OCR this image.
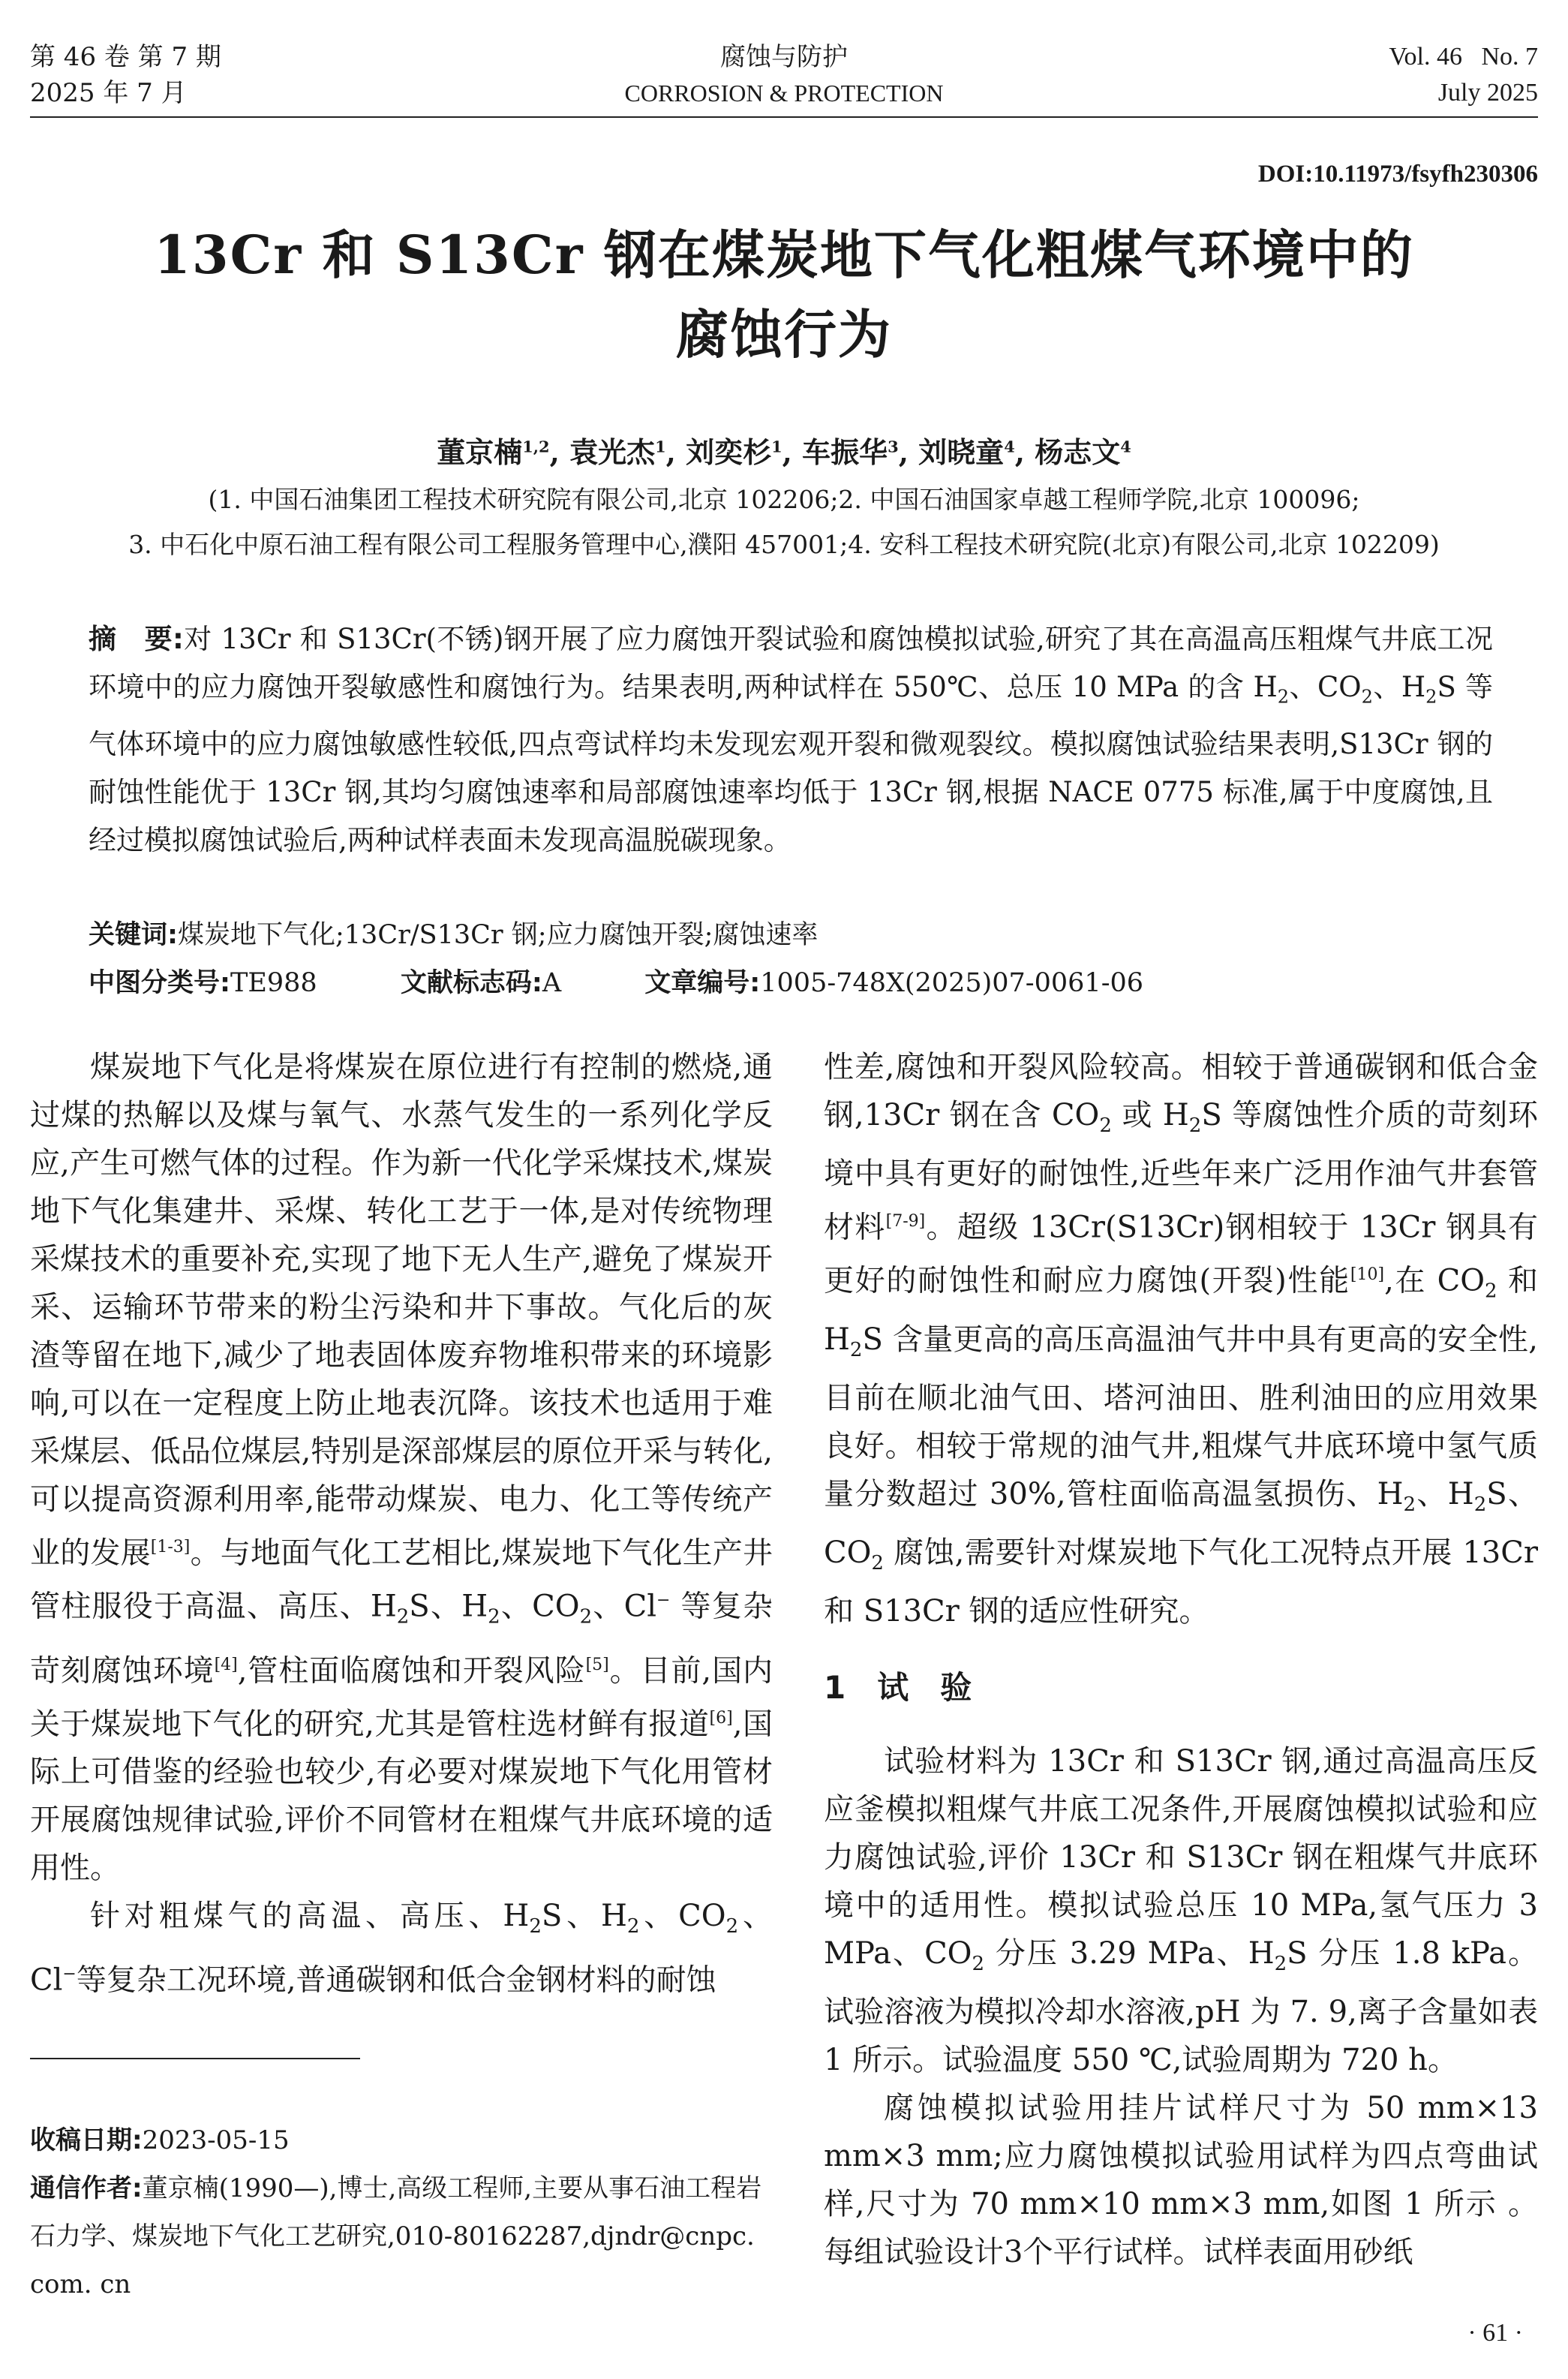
第 46 卷 第 7 期
2025 年 7 月
腐蚀与防护
CORROSION & PROTECTION
Vol. 46   No. 7
July 2025
DOI:10.11973/fsyfh230306
13Cr 和 S13Cr 钢在煤炭地下气化粗煤气环境中的
腐蚀行为
董京楠$^{1,2}$, 袁光杰$^1$, 刘奕杉$^1$, 车振华$^3$, 刘晓童$^4$, 杨志文$^4$
(1. 中国石油集团工程技术研究院有限公司,北京 102206;2. 中国石油国家卓越工程师学院,北京 100096;
3. 中石化中原石油工程有限公司工程服务管理中心,濮阳 457001;4. 安科工程技术研究院(北京)有限公司,北京 102209)
摘　要:对 13Cr 和 S13Cr(不锈)钢开展了应力腐蚀开裂试验和腐蚀模拟试验,研究了其在高温高压粗煤气井底工况环境中的应力腐蚀开裂敏感性和腐蚀行为。结果表明,两种试样在 550℃、总压 10 MPa 的含 $H_2$、$CO_2$、$H_2S$ 等气体环境中的应力腐蚀敏感性较低,四点弯试样均未发现宏观开裂和微观裂纹。模拟腐蚀试验结果表明,S13Cr 钢的耐蚀性能优于 13Cr 钢,其均匀腐蚀速率和局部腐蚀速率均低于 13Cr 钢,根据 NACE 0775 标准,属于中度腐蚀,且经过模拟腐蚀试验后,两种试样表面未发现高温脱碳现象。
关键词:煤炭地下气化;13Cr/S13Cr 钢;应力腐蚀开裂;腐蚀速率
中图分类号:TE988	文献标志码:A	文章编号:1005-748X(2025)07-0061-06

煤炭地下气化是将煤炭在原位进行有控制的燃烧,通过煤的热解以及煤与氧气、水蒸气发生的一系列化学反应,产生可燃气体的过程。作为新一代化学采煤技术,煤炭地下气化集建井、采煤、转化工艺于一体,是对传统物理采煤技术的重要补充,实现了地下无人生产,避免了煤炭开采、运输环节带来的粉尘污染和井下事故。气化后的灰渣等留在地下,减少了地表固体废弃物堆积带来的环境影响,可以在一定程度上防止地表沉降。该技术也适用于难采煤层、低品位煤层,特别是深部煤层的原位开采与转化,可以提高资源利用率,能带动煤炭、电力、化工等传统产业的发展[1-3]。与地面气化工艺相比,煤炭地下气化生产井管柱服役于高温、高压、$H_2S$、$H_2$、$CO_2$、Cl− 等复杂苛刻腐蚀环境[4],管柱面临腐蚀和开裂风险[5]。目前,国内关于煤炭地下气化的研究,尤其是管柱选材鲜有报道[6],国际上可借鉴的经验也较少,有必要对煤炭地下气化用管材开展腐蚀规律试验,评价不同管材在粗煤气井底环境的适用性。

针对粗煤气的高温、高压、$H_2S$、$H_2$、$CO_2$、Cl−等复杂工况环境,普通碳钢和低合金钢材料的耐蚀

收稿日期:2023-05-15
通信作者:董京楠(1990—),博士,高级工程师,主要从事石油工程岩石力学、煤炭地下气化工艺研究,010-80162287,djndr@cnpc. com. cn

性差,腐蚀和开裂风险较高。相较于普通碳钢和低合金钢,13Cr 钢在含 $CO_2$ 或 $H_2S$ 等腐蚀性介质的苛刻环境中具有更好的耐蚀性,近些年来广泛用作油气井套管材料[7-9]。超级 13Cr(S13Cr)钢相较于 13Cr 钢具有更好的耐蚀性和耐应力腐蚀(开裂)性能[10],在 $CO_2$ 和 $H_2S$ 含量更高的高压高温油气井中具有更高的安全性,目前在顺北油气田、塔河油田、胜利油田的应用效果良好。相较于常规的油气井,粗煤气井底环境中氢气质量分数超过 30%,管柱面临高温氢损伤、$H_2$、$H_2S$、$CO_2$ 腐蚀,需要针对煤炭地下气化工况特点开展 13Cr 和 S13Cr 钢的适应性研究。

1　试　验

试验材料为 13Cr 和 S13Cr 钢,通过高温高压反应釜模拟粗煤气井底工况条件,开展腐蚀模拟试验和应力腐蚀试验,评价 13Cr 和 S13Cr 钢在粗煤气井底环境中的适用性。模拟试验总压 10 MPa,氢气压力 3 MPa、$CO_2$ 分压 3.29 MPa、$H_2S$ 分压 1.8 kPa。试验溶液为模拟冷却水溶液,pH 为 7. 9,离子含量如表 1 所示。试验温度 550 ℃,试验周期为 720 h。

腐蚀模拟试验用挂片试样尺寸为 50 mm×13 mm×3 mm;应力腐蚀模拟试验用试样为四点弯曲试样,尺寸为 70 mm×10 mm×3 mm,如图 1 所示 。每组试验设计3个平行试样。试样表面用砂纸

· 61 ·
